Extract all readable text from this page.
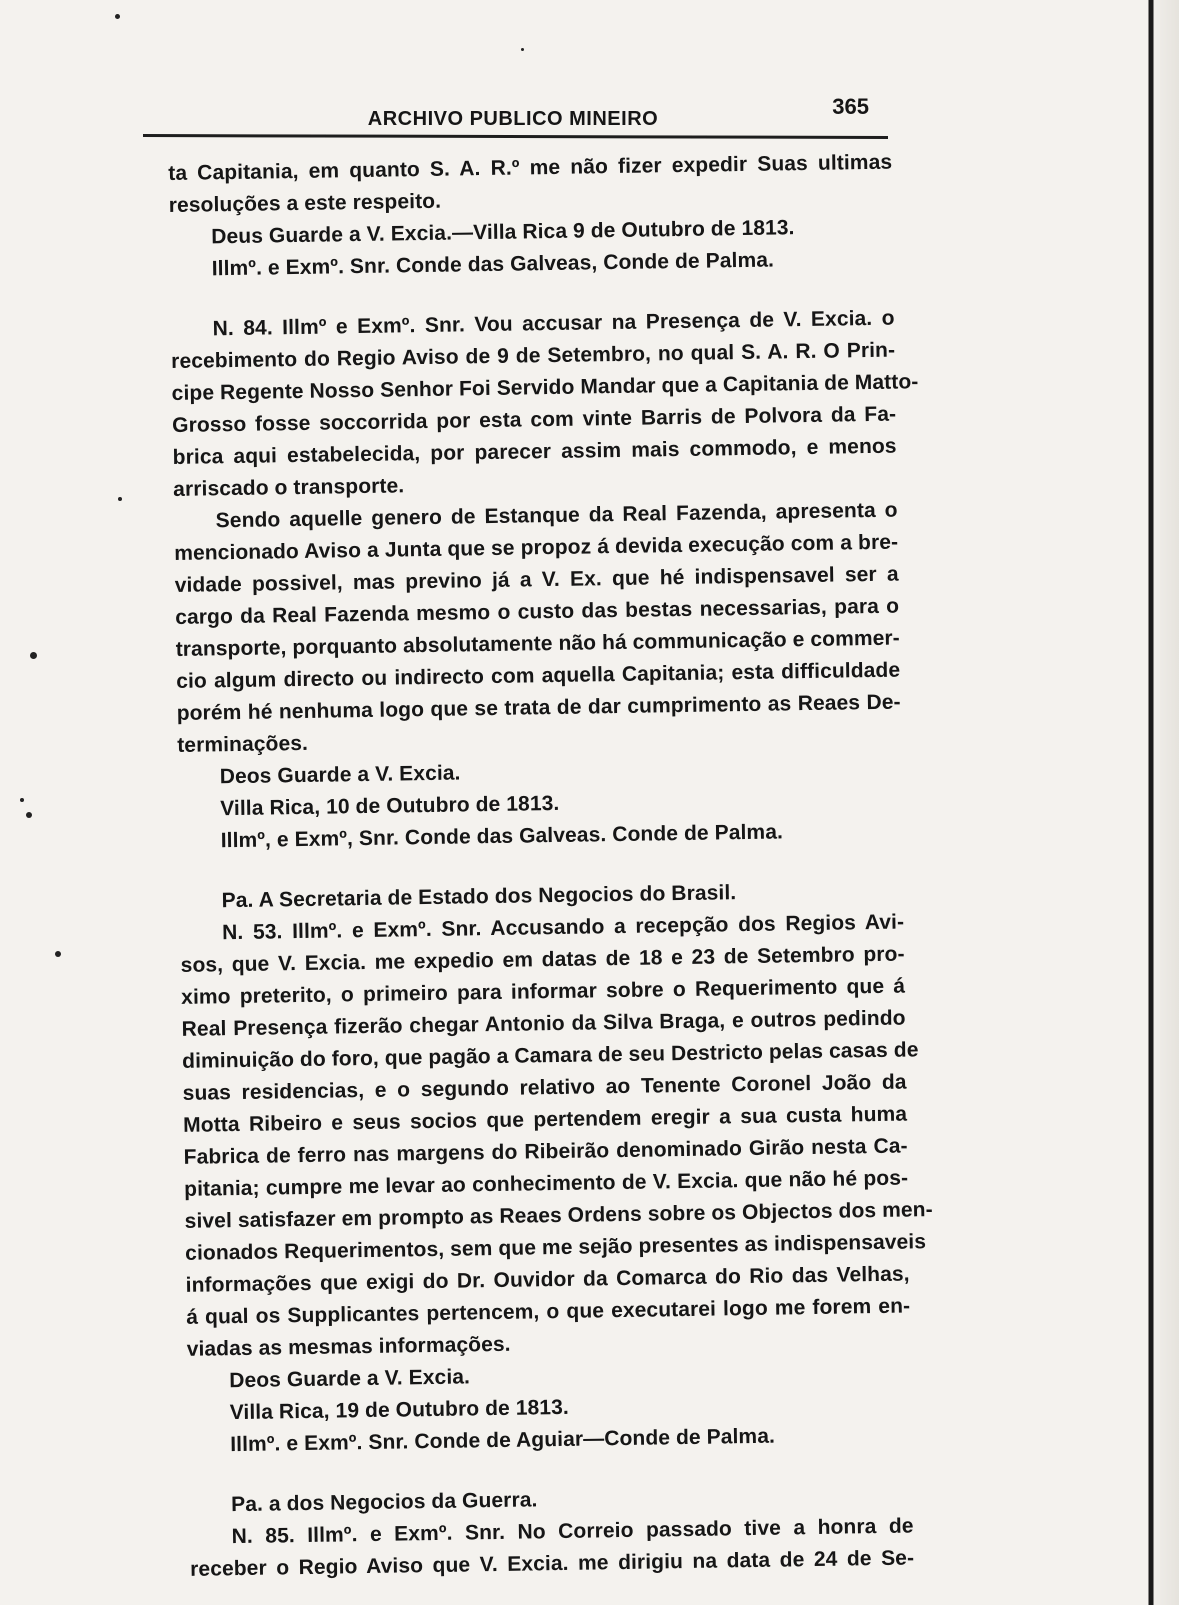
ARCHIVO PUBLICO MINEIRO	365
ta Capitania, em quanto S. A. R.º me não fizer expedir Suas ultimas
resoluções a este respeito.
Deus Guarde a V. Excia.—Villa Rica 9 de Outubro de 1813.
Illmº. e Exmº. Snr. Conde das Galveas, Conde de Palma.
N. 84. Illmº e Exmº. Snr. Vou accusar na Presença de V. Excia. o
recebimento do Regio Aviso de 9 de Setembro, no qual S. A. R. O Prin-
cipe Regente Nosso Senhor Foi Servido Mandar que a Capitania de Matto-
Grosso fosse soccorrida por esta com vinte Barris de Polvora da Fa-
brica aqui estabelecida, por parecer assim mais commodo, e menos
arriscado o transporte.
Sendo aquelle genero de Estanque da Real Fazenda, apresenta o
mencionado Aviso a Junta que se propoz á devida execução com a bre-
vidade possivel, mas previno já a V. Ex. que hé indispensavel ser a
cargo da Real Fazenda mesmo o custo das bestas necessarias, para o
transporte, porquanto absolutamente não há communicação e commer-
cio algum directo ou indirecto com aquella Capitania; esta difficuldade
porém hé nenhuma logo que se trata de dar cumprimento as Reaes De-
terminações.
Deos Guarde a V. Excia.
Villa Rica, 10 de Outubro de 1813.
Illmº, e Exmº, Snr. Conde das Galveas. Conde de Palma.
Pa. A Secretaria de Estado dos Negocios do Brasil.
N. 53. Illmº. e Exmº. Snr. Accusando a recepção dos Regios Avi-
sos, que V. Excia. me expedio em datas de 18 e 23 de Setembro pro-
ximo preterito, o primeiro para informar sobre o Requerimento que á
Real Presença fizerão chegar Antonio da Silva Braga, e outros pedindo
diminuição do foro, que pagão a Camara de seu Destricto pelas casas de
suas residencias, e o segundo relativo ao Tenente Coronel João da
Motta Ribeiro e seus socios que pertendem eregir a sua custa huma
Fabrica de ferro nas margens do Ribeirão denominado Girão nesta Ca-
pitania; cumpre me levar ao conhecimento de V. Excia. que não hé pos-
sivel satisfazer em prompto as Reaes Ordens sobre os Objectos dos men-
cionados Requerimentos, sem que me sejão presentes as indispensaveis
informações que exigi do Dr. Ouvidor da Comarca do Rio das Velhas,
á qual os Supplicantes pertencem, o que executarei logo me forem en-
viadas as mesmas informações.
Deos Guarde a V. Excia.
Villa Rica, 19 de Outubro de 1813.
Illmº. e Exmº. Snr. Conde de Aguiar—Conde de Palma.
Pa. a dos Negocios da Guerra.
N. 85. Illmº. e Exmº. Snr. No Correio passado tive a honra de
receber o Regio Aviso que V. Excia. me dirigiu na data de 24 de Se-
